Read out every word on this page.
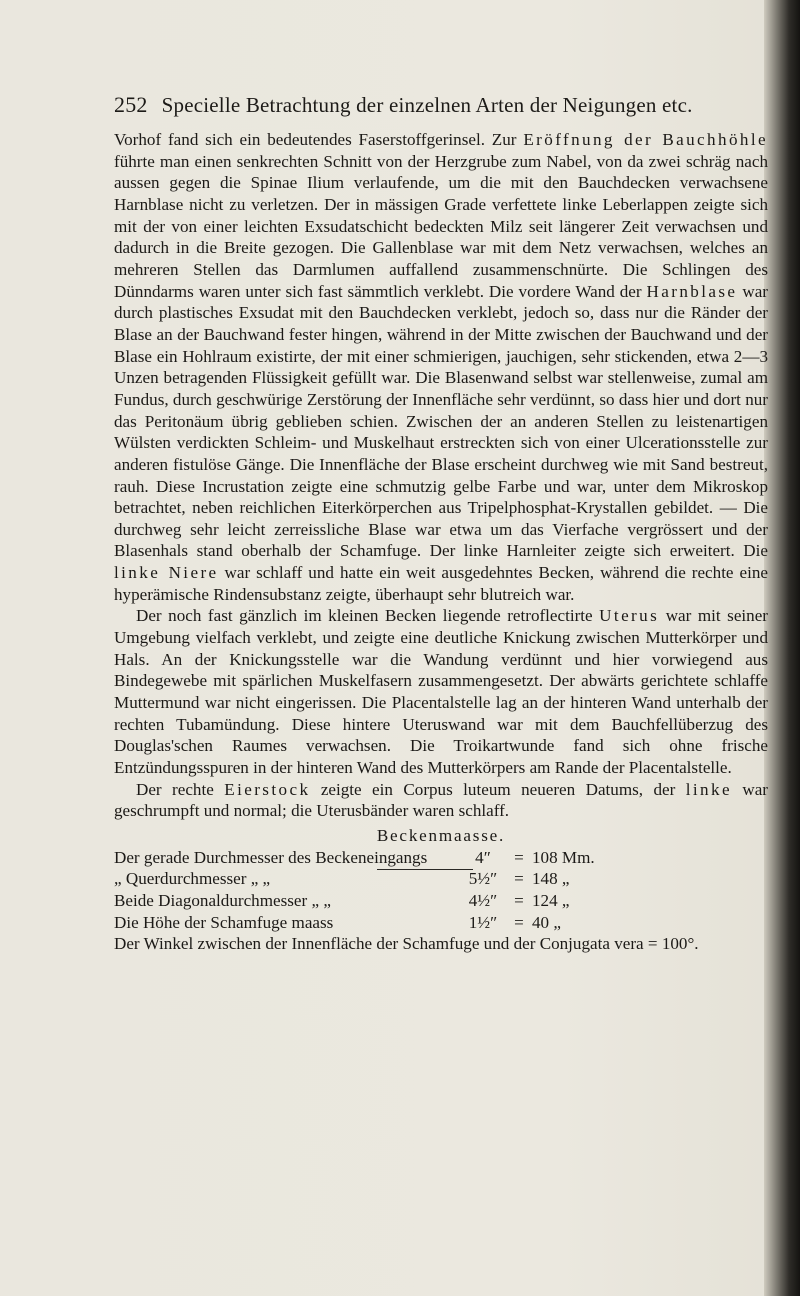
252 Specielle Betrachtung der einzelnen Arten der Neigungen etc.

Vorhof fand sich ein bedeutendes Faserstoffgerinsel. Zur Eröffnung der Bauchhöhle führte man einen senkrechten Schnitt von der Herzgrube zum Nabel, von da zwei schräg nach aussen gegen die Spinae Ilium verlaufende, um die mit den Bauchdecken verwachsene Harnblase nicht zu verletzen. Der in mässigen Grade verfettete linke Leberlappen zeigte sich mit der von einer leichten Exsudatschicht bedeckten Milz seit längerer Zeit verwachsen und dadurch in die Breite gezogen. Die Gallenblase war mit dem Netz verwachsen, welches an mehreren Stellen das Darmlumen auffallend zusammenschnürte. Die Schlingen des Dünndarms waren unter sich fast sämmtlich verklebt. Die vordere Wand der Harnblase war durch plastisches Exsudat mit den Bauchdecken verklebt, jedoch so, dass nur die Ränder der Blase an der Bauchwand fester hingen, während in der Mitte zwischen der Bauchwand und der Blase ein Hohlraum existirte, der mit einer schmierigen, jauchigen, sehr stickenden, etwa 2—3 Unzen betragenden Flüssigkeit gefüllt war. Die Blasenwand selbst war stellenweise, zumal am Fundus, durch geschwürige Zerstörung der Innenfläche sehr verdünnt, so dass hier und dort nur das Peritonäum übrig geblieben schien. Zwischen der an anderen Stellen zu leistenartigen Wülsten verdickten Schleim- und Muskelhaut erstreckten sich von einer Ulcerationsstelle zur anderen fistulöse Gänge. Die Innenfläche der Blase erscheint durchweg wie mit Sand bestreut, rauh. Diese Incrustation zeigte eine schmutzig gelbe Farbe und war, unter dem Mikroskop betrachtet, neben reichlichen Eiterkörperchen aus Tripelphosphat-Krystallen gebildet. — Die durchweg sehr leicht zerreissliche Blase war etwa um das Vierfache vergrössert und der Blasenhals stand oberhalb der Schamfuge. Der linke Harnleiter zeigte sich erweitert. Die linke Niere war schlaff und hatte ein weit ausgedehntes Becken, während die rechte eine hyperämische Rindensubstanz zeigte, überhaupt sehr blutreich war.

Der noch fast gänzlich im kleinen Becken liegende retroflectirte Uterus war mit seiner Umgebung vielfach verklebt, und zeigte eine deutliche Knickung zwischen Mutterkörper und Hals. An der Knickungsstelle war die Wandung verdünnt und hier vorwiegend aus Bindegewebe mit spärlichen Muskelfasern zusammengesetzt. Der abwärts gerichtete schlaffe Muttermund war nicht eingerissen. Die Placentalstelle lag an der hinteren Wand unterhalb der rechten Tubamündung. Diese hintere Uteruswand war mit dem Bauchfellüberzug des Douglas'schen Raumes verwachsen. Die Troikartwunde fand sich ohne frische Entzündungsspuren in der hinteren Wand des Mutterkörpers am Rande der Placentalstelle.

Der rechte Eierstock zeigte ein Corpus luteum neueren Datums, der linke war geschrumpft und normal; die Uterusbänder waren schlaff.

Beckenmaasse.

Der gerade Durchmesser des Beckeneingangs	4″	=	108 Mm.
„ Querdurchmesser „ „	5½″	=	148 „
Beide Diagonaldurchmesser „ „	4½″	=	124 „
Die Höhe der Schamfuge maass	1½″	=	40 „

Der Winkel zwischen der Innenfläche der Schamfuge und der Conjugata vera = 100°.
